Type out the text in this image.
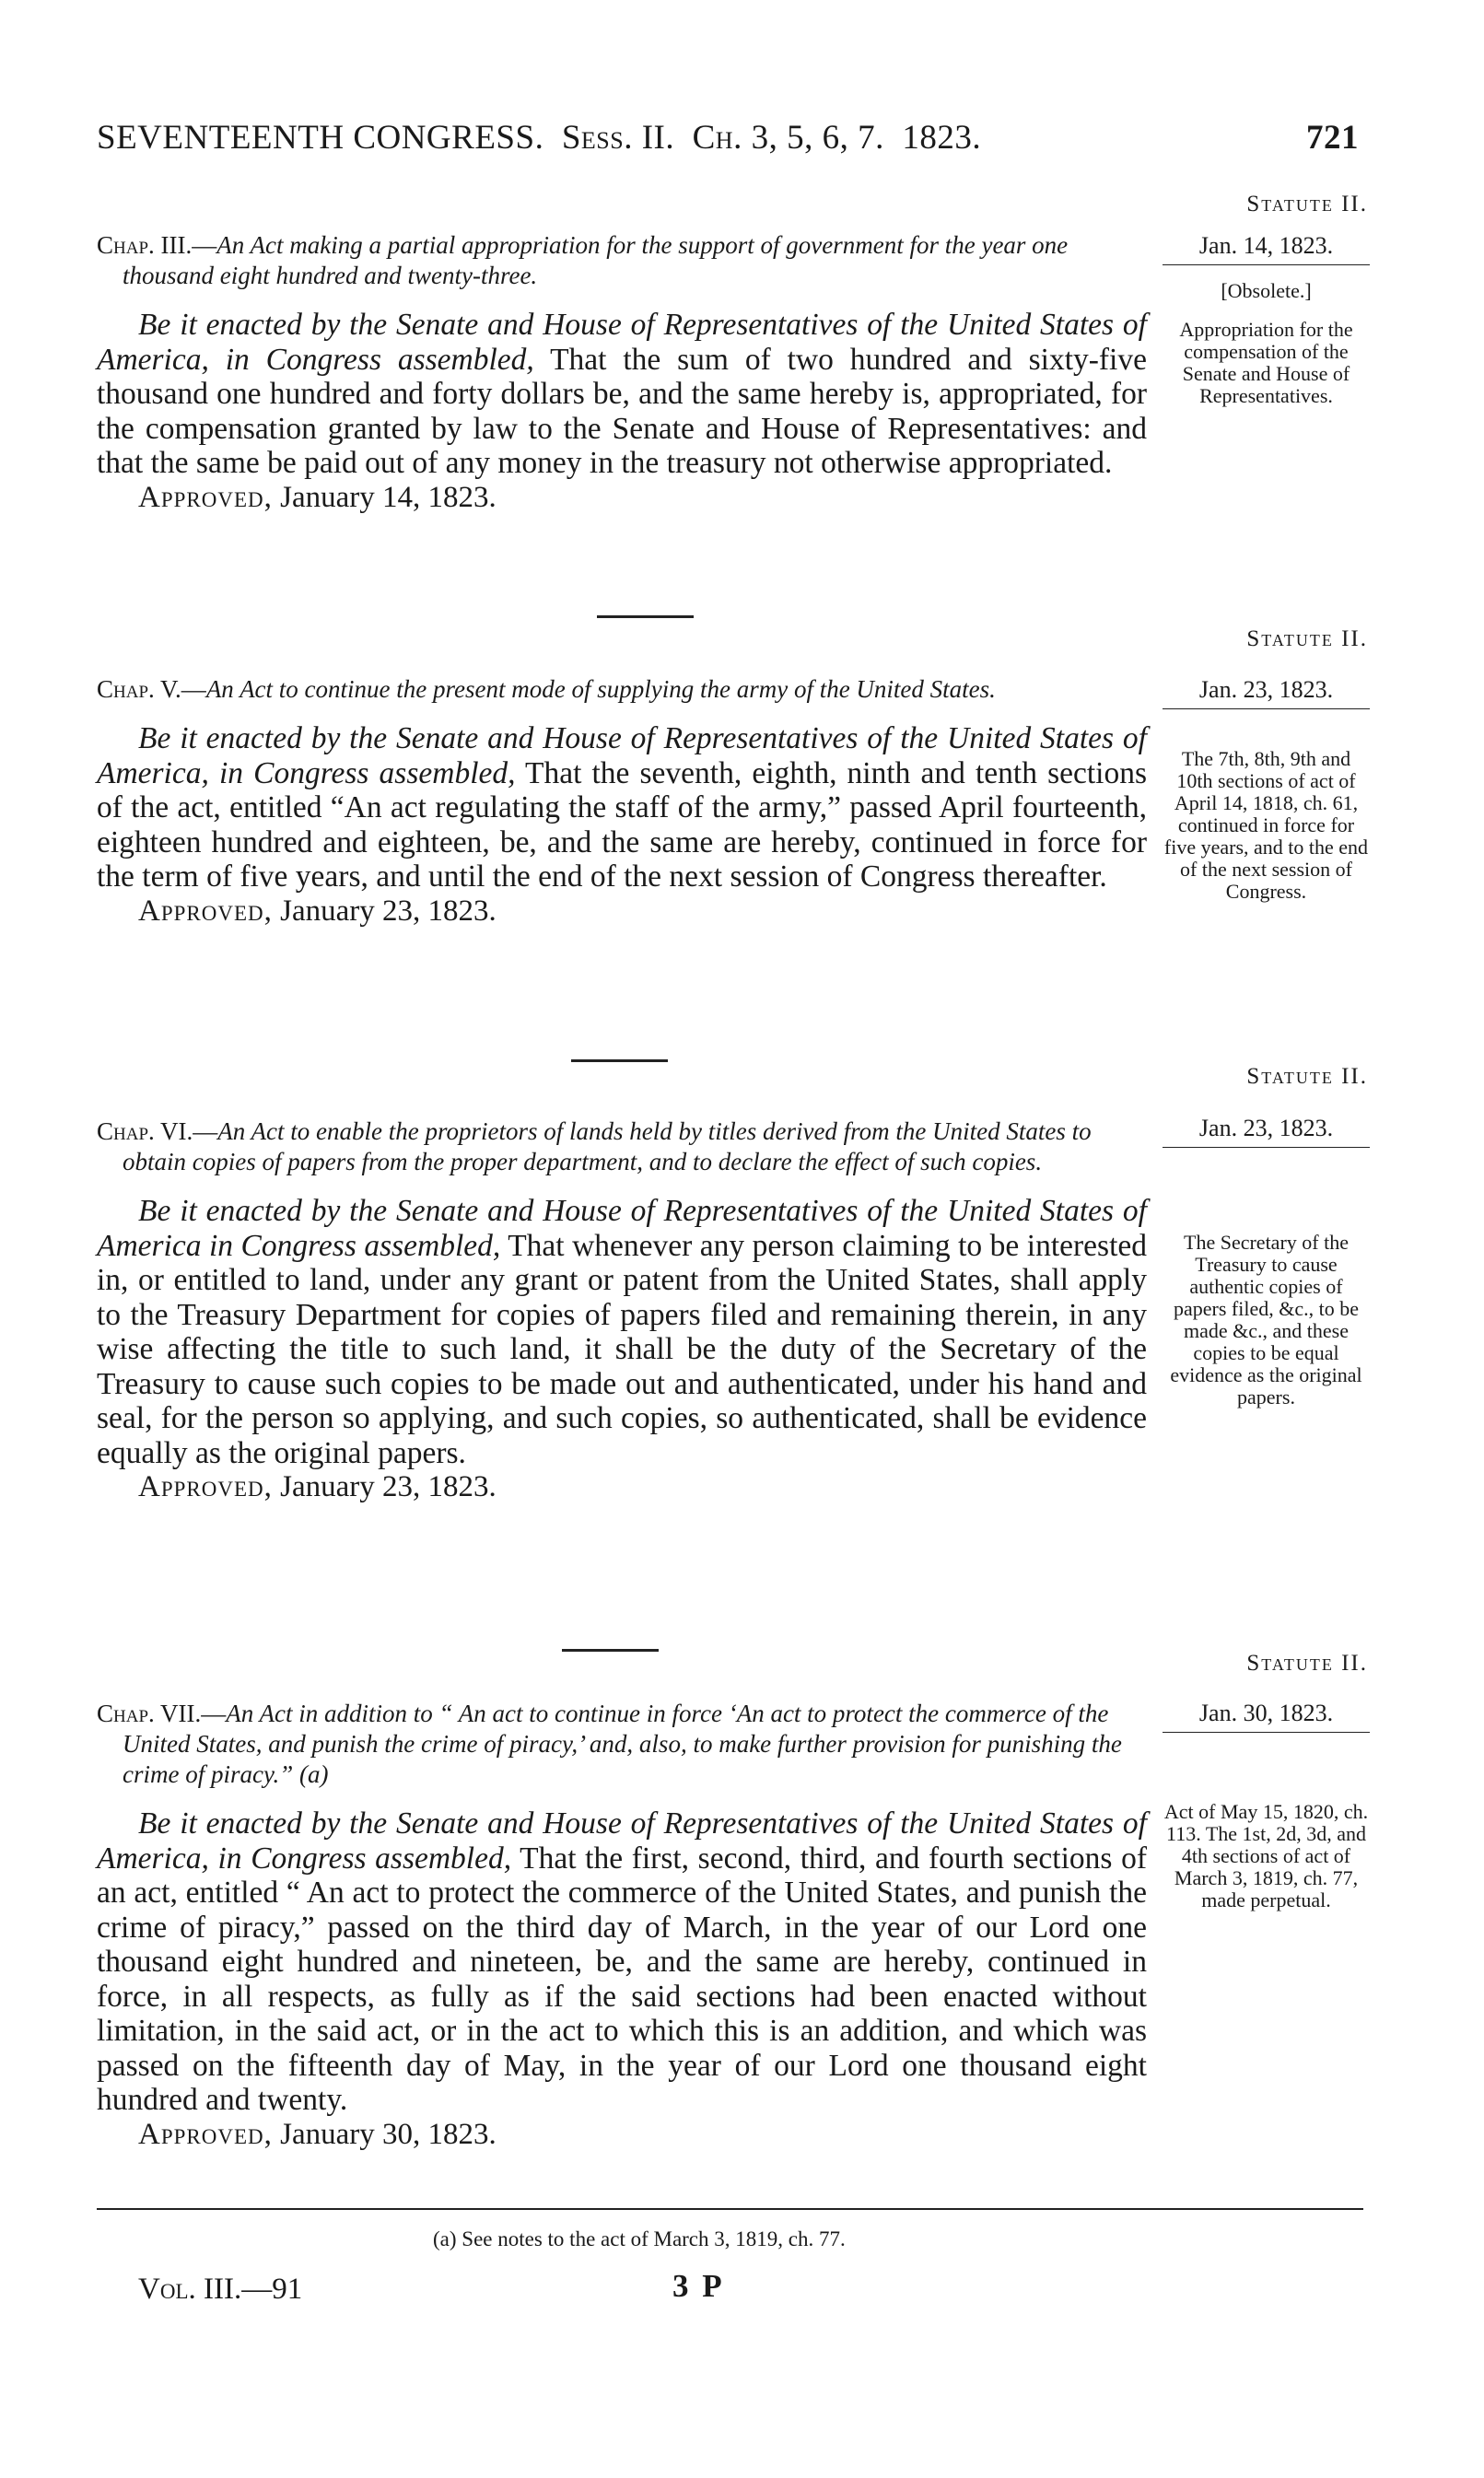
SEVENTEENTH CONGRESS. Sess. II. Ch. 3, 5, 6, 7. 1823.	721
Statute II.
Jan. 14, 1823.
[Obsolete.]
Appropriation for the compensation of the Senate and House of Representatives.

Chap. III.—An Act making a partial appropriation for the support of government for the year one thousand eight hundred and twenty-three.

Be it enacted by the Senate and House of Representatives of the United States of America, in Congress assembled, That the sum of two hundred and sixty-five thousand one hundred and forty dollars be, and the same hereby is, appropriated, for the compensation granted by law to the Senate and House of Representatives: and that the same be paid out of any money in the treasury not otherwise appropriated.

Approved, January 14, 1823.
Statute II.
Jan. 23, 1823.
The 7th, 8th, 9th and 10th sections of act of April 14, 1818, ch. 61, continued in force for five years, and to the end of the next session of Congress.

Chap. V.—An Act to continue the present mode of supplying the army of the United States.

Be it enacted by the Senate and House of Representatives of the United States of America, in Congress assembled, That the seventh, eighth, ninth and tenth sections of the act, entitled “An act regulating the staff of the army,” passed April fourteenth, eighteen hundred and eighteen, be, and the same are hereby, continued in force for the term of five years, and until the end of the next session of Congress thereafter.

Approved, January 23, 1823.
Statute II.
Jan. 23, 1823.
The Secretary of the Treasury to cause authentic copies of papers filed, &c., to be made &c., and these copies to be equal evidence as the original papers.

Chap. VI.—An Act to enable the proprietors of lands held by titles derived from the United States to obtain copies of papers from the proper department, and to declare the effect of such copies.

Be it enacted by the Senate and House of Representatives of the United States of America in Congress assembled, That whenever any person claiming to be interested in, or entitled to land, under any grant or patent from the United States, shall apply to the Treasury Department for copies of papers filed and remaining therein, in any wise affecting the title to such land, it shall be the duty of the Secretary of the Treasury to cause such copies to be made out and authenticated, under his hand and seal, for the person so applying, and such copies, so authenticated, shall be evidence equally as the original papers.

Approved, January 23, 1823.
Statute II.
Jan. 30, 1823.
Act of May 15, 1820, ch. 113. The 1st, 2d, 3d, and 4th sections of act of March 3, 1819, ch. 77, made perpetual.

Chap. VII.—An Act in addition to “ An act to continue in force ‘An act to protect the commerce of the United States, and punish the crime of piracy,’ and, also, to make further provision for punishing the crime of piracy.” (a)

Be it enacted by the Senate and House of Representatives of the United States of America, in Congress assembled, That the first, second, third, and fourth sections of an act, entitled “ An act to protect the commerce of the United States, and punish the crime of piracy,” passed on the third day of March, in the year of our Lord one thousand eight hundred and nineteen, be, and the same are hereby, continued in force, in all respects, as fully as if the said sections had been enacted without limitation, in the said act, or in the act to which this is an addition, and which was passed on the fifteenth day of May, in the year of our Lord one thousand eight hundred and twenty.

Approved, January 30, 1823.
(a) See notes to the act of March 3, 1819, ch. 77.
Vol. III.—91	3 P
